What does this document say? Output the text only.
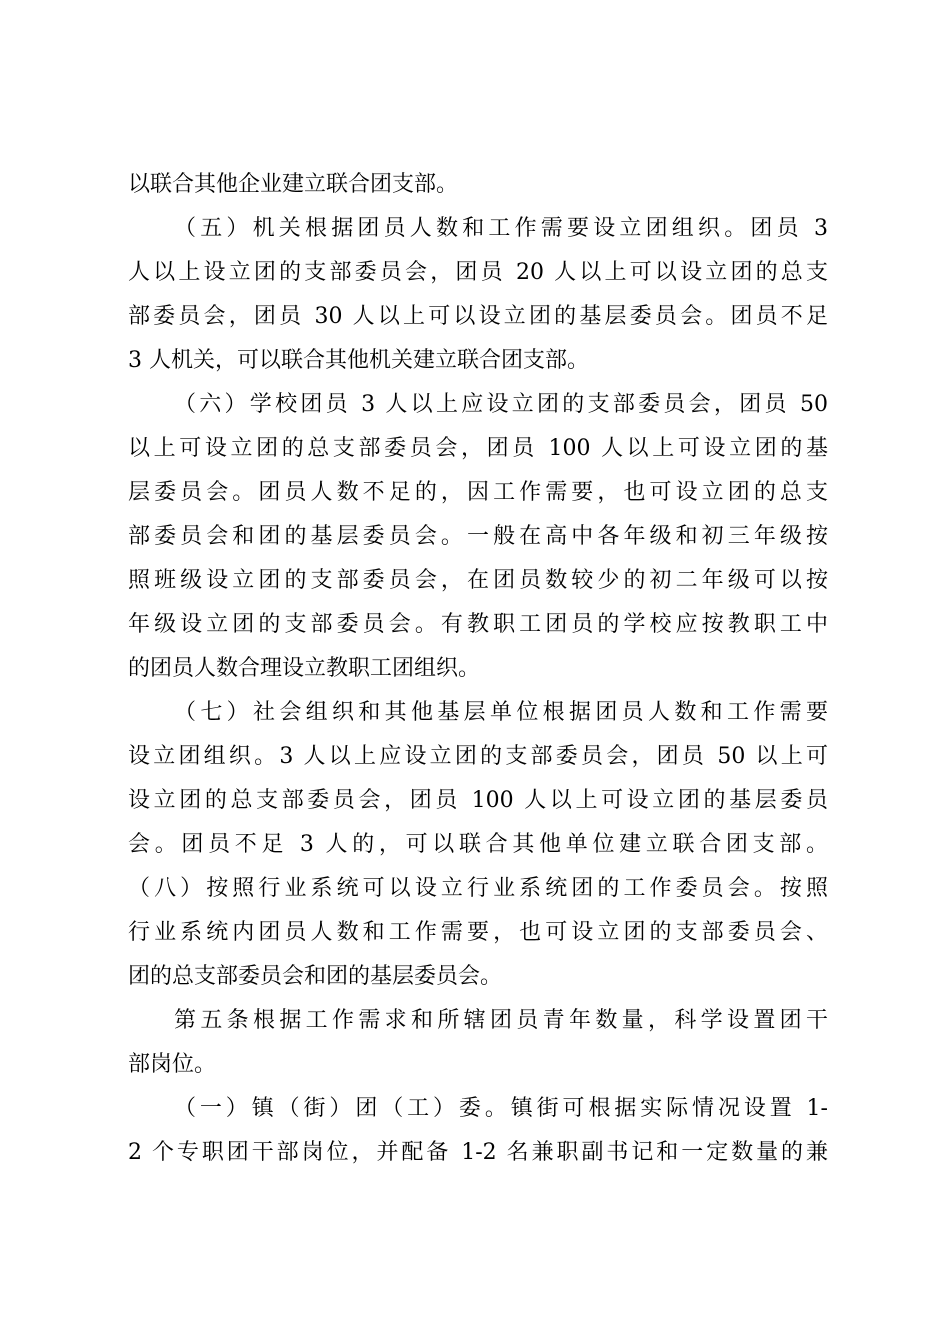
以联合其他企业建立联合团支部。
（五）机关根据团员人数和工作需要设立团组织。团员 3
人以上设立团的支部委员会，团员 20 人以上可以设立团的总支
部委员会，团员 30 人以上可以设立团的基层委员会。团员不足
3 人机关，可以联合其他机关建立联合团支部。
（六）学校团员 3 人以上应设立团的支部委员会，团员 50
以上可设立团的总支部委员会，团员 100 人以上可设立团的基
层委员会。团员人数不足的，因工作需要，也可设立团的总支
部委员会和团的基层委员会。一般在高中各年级和初三年级按
照班级设立团的支部委员会，在团员数较少的初二年级可以按
年级设立团的支部委员会。有教职工团员的学校应按教职工中
的团员人数合理设立教职工团组织。
（七）社会组织和其他基层单位根据团员人数和工作需要
设立团组织。3 人以上应设立团的支部委员会，团员 50 以上可
设立团的总支部委员会，团员 100 人以上可设立团的基层委员
会。团员不足 3 人的，可以联合其他单位建立联合团支部。
（八）按照行业系统可以设立行业系统团的工作委员会。按照
行业系统内团员人数和工作需要，也可设立团的支部委员会、
团的总支部委员会和团的基层委员会。
第五条根据工作需求和所辖团员青年数量，科学设置团干
部岗位。
（一）镇（街）团（工）委。镇街可根据实际情况设置 1-
2 个专职团干部岗位，并配备 1-2 名兼职副书记和一定数量的兼
